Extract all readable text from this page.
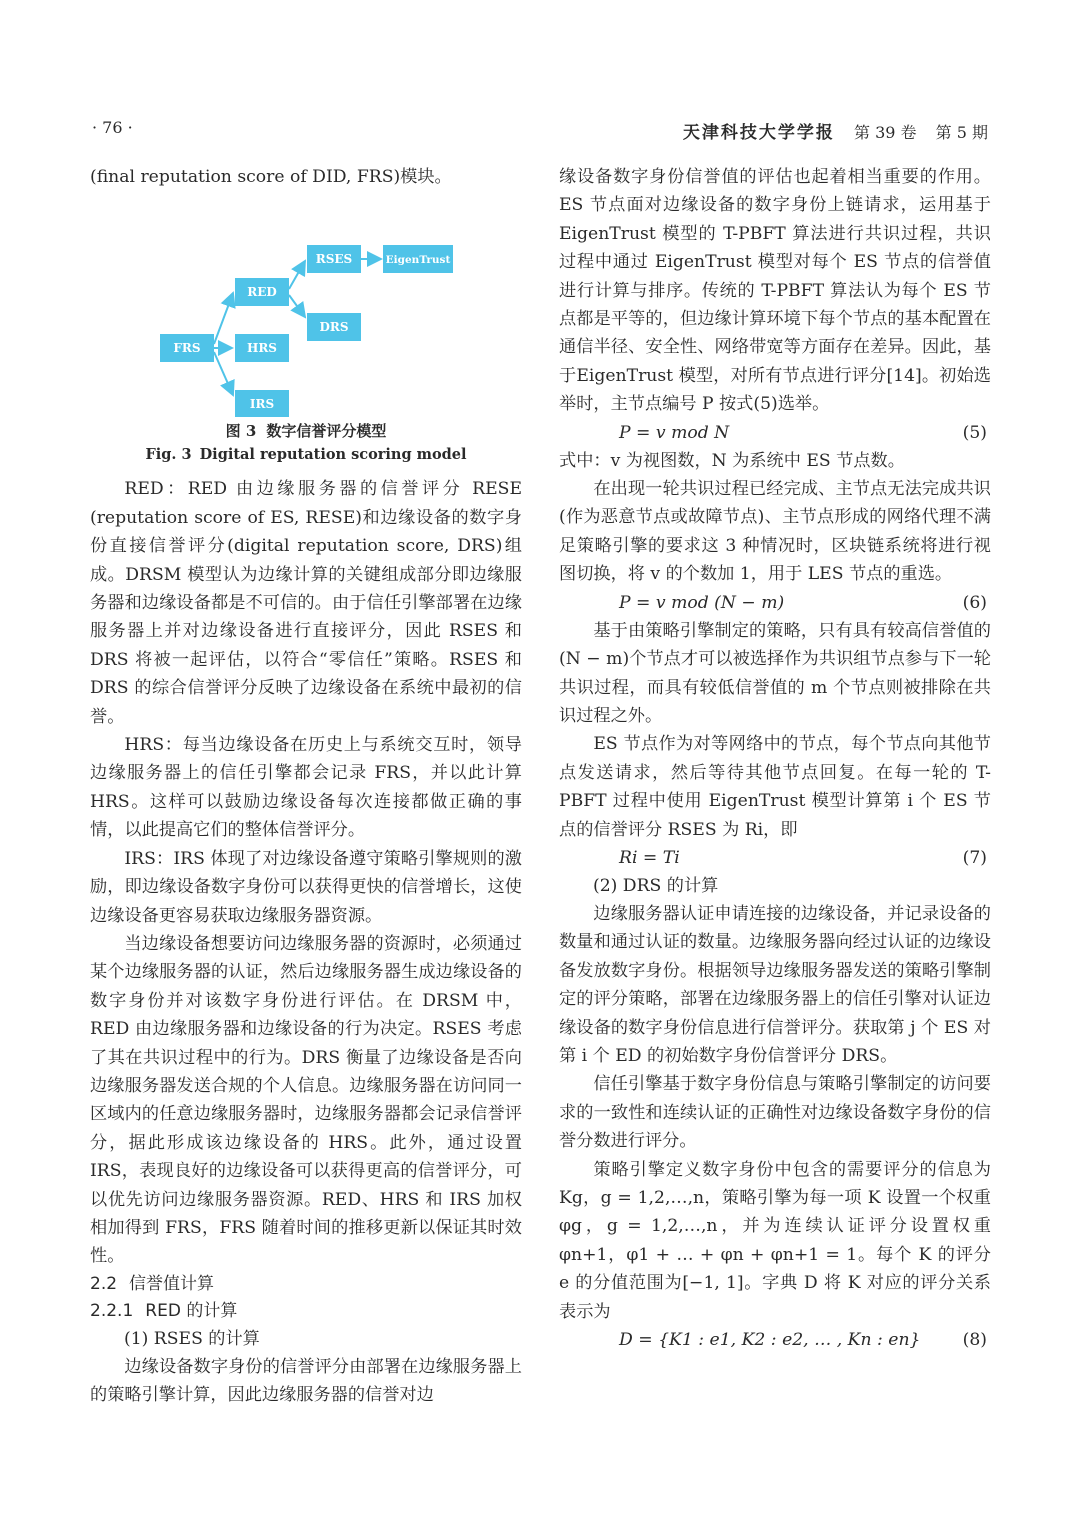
· 76 ·	天津科技大学学报 第 39 卷 第 5 期

(final reputation score of DID, FRS)模块。

FRS
RED
HRS
IRS
RSES
DRS
EigenTrust
图 3 数字信誉评分模型
Fig. 3 Digital reputation scoring model

RED：RED 由边缘服务器的信誉评分 RESE (reputation score of ES, RESE)和边缘设备的数字身份直接信誉评分(digital reputation score, DRS)组成。DRSM 模型认为边缘计算的关键组成部分即边缘服务器和边缘设备都是不可信的。由于信任引擎部署在边缘服务器上并对边缘设备进行直接评分，因此 RSES 和 DRS 将被一起评估，以符合“零信任”策略。RSES 和 DRS 的综合信誉评分反映了边缘设备在系统中最初的信誉。

HRS：每当边缘设备在历史上与系统交互时，领导边缘服务器上的信任引擎都会记录 FRS，并以此计算 HRS。这样可以鼓励边缘设备每次连接都做正确的事情，以此提高它们的整体信誉评分。

IRS：IRS 体现了对边缘设备遵守策略引擎规则的激励，即边缘设备数字身份可以获得更快的信誉增长，这使边缘设备更容易获取边缘服务器资源。

当边缘设备想要访问边缘服务器的资源时，必须通过某个边缘服务器的认证，然后边缘服务器生成边缘设备的数字身份并对该数字身份进行评估。在 DRSM 中，RED 由边缘服务器和边缘设备的行为决定。RSES 考虑了其在共识过程中的行为。DRS 衡量了边缘设备是否向边缘服务器发送合规的个人信息。边缘服务器在访问同一区域内的任意边缘服务器时，边缘服务器都会记录信誉评分，据此形成该边缘设备的 HRS。此外，通过设置 IRS，表现良好的边缘设备可以获得更高的信誉评分，可以优先访问边缘服务器资源。RED、HRS 和 IRS 加权相加得到 FRS，FRS 随着时间的推移更新以保证其时效性。

2.2 信誉值计算
2.2.1 RED 的计算
(1) RSES 的计算

边缘设备数字身份的信誉评分由部署在边缘服务器上的策略引擎计算，因此边缘服务器的信誉对边

缘设备数字身份信誉值的评估也起着相当重要的作用。ES 节点面对边缘设备的数字身份上链请求，运用基于 EigenTrust 模型的 T-PBFT 算法进行共识过程，共识过程中通过 EigenTrust 模型对每个 ES 节点的信誉值进行计算与排序。传统的 T-PBFT 算法认为每个 ES 节点都是平等的，但边缘计算环境下每个节点的基本配置在通信半径、安全性、网络带宽等方面存在差异。因此，基于EigenTrust 模型，对所有节点进行评分[14]。初始选举时，主节点编号 P 按式(5)选举。

P = v mod N	(5)

式中：v 为视图数，N 为系统中 ES 节点数。

在出现一轮共识过程已经完成、主节点无法完成共识(作为恶意节点或故障节点)、主节点形成的网络代理不满足策略引擎的要求这 3 种情况时，区块链系统将进行视图切换，将 v 的个数加 1，用于 LES 节点的重选。

P = v mod (N − m)	(6)

基于由策略引擎制定的策略，只有具有较高信誉值的(N − m)个节点才可以被选择作为共识组节点参与下一轮共识过程，而具有较低信誉值的 m 个节点则被排除在共识过程之外。

ES 节点作为对等网络中的节点，每个节点向其他节点发送请求，然后等待其他节点回复。在每一轮的 T-PBFT 过程中使用 EigenTrust 模型计算第 i 个 ES 节点的信誉评分 RSES 为 Ri，即

Ri = Ti	(7)
(2) DRS 的计算

边缘服务器认证申请连接的边缘设备，并记录设备的数量和通过认证的数量。边缘服务器向经过认证的边缘设备发放数字身份。根据领导边缘服务器发送的策略引擎制定的评分策略，部署在边缘服务器上的信任引擎对认证边缘设备的数字身份信息进行信誉评分。获取第 j 个 ES 对第 i 个 ED 的初始数字身份信誉评分 DRS。

信任引擎基于数字身份信息与策略引擎制定的访问要求的一致性和连续认证的正确性对边缘设备数字身份的信誉分数进行评分。

策略引擎定义数字身份中包含的需要评分的信息为 Kg，g = 1,2,…,n，策略引擎为每一项 K 设置一个权重 φg，g = 1,2,…,n，并为连续认证评分设置权重 φn+1，φ1 + … + φn + φn+1 = 1。每个 K 的评分 e 的分值范围为[−1, 1]。字典 D 将 K 对应的评分关系表示为

D = {K1 : e1, K2 : e2, … , Kn : en} (8)
